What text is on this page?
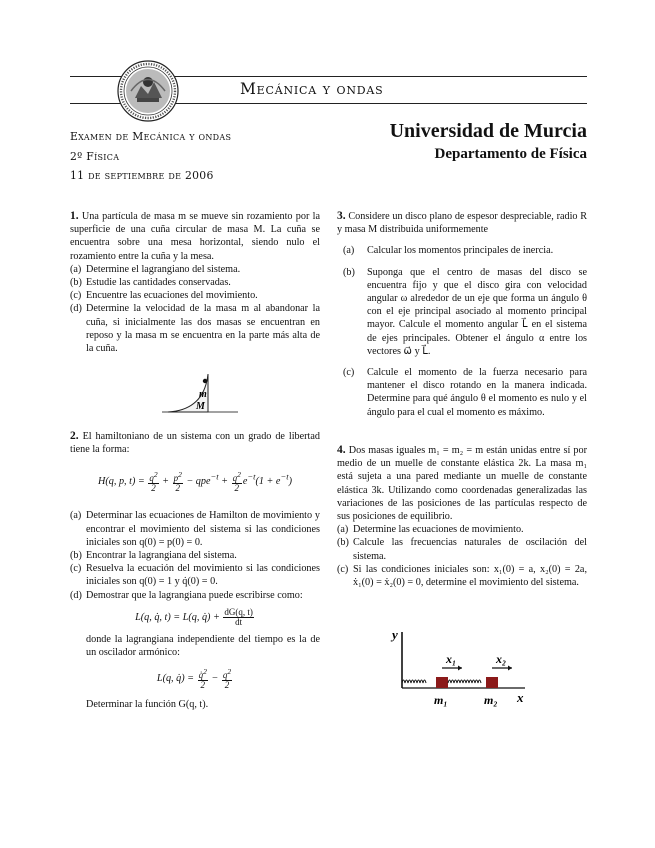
Mecánica y ondas
Examen de Mecánica y ondas
2º Física
11 de septiembre de 2006
Universidad de Murcia
Departamento de Física

1. Una partícula de masa m se mueve sin rozamiento por la superficie de una cuña circular de masa M. La cuña se encuentra sobre una mesa horizontal, siendo nulo el rozamiento entre la cuña y la mesa.

(a) Determine el lagrangiano del sistema.
(b) Estudie las cantidades conservadas.
(c) Encuentre las ecuaciones del movimiento.
(d) Determine la velocidad de la masa m al abandonar la cuña, si inicialmente las dos masas se encuentran en reposo y la masa m se encuentra en la parte más alta de la cuña.
m
M

2. El hamiltoniano de un sistema con un grado de libertad tiene la forma:

H(q, p, $t) = \frac{q^2}{2} + \frac{p^2}{2} - qpe^{-t} + \frac{q^2}{2} e^{-t}(1 + e^{-t})$
(a) Determinar las ecuaciones de Hamilton de movimiento y encontrar el movimiento del sistema si las condiciones iniciales son q(0) = p(0) = 0.
(b) Encontrar la lagrangiana del sistema.
(c) Resuelva la ecuación del movimiento si las condiciones iniciales son q(0) = 1 y q̇(0) = 0.
(d) Demostrar que la lagrangiana puede escribirse como:
L(q, q̇, t) = L(q, q̇) + $\frac{dG(q, t)}{dt}$

donde la lagrangiana independiente del tiempo es la de un oscilador armónico:

L(q, q̇) = $\frac{q̇^2}{2} - \frac{q^2}{2}$

Determinar la función G(q, t).

3. Considere un disco plano de espesor despreciable, radio R y masa M distribuida uniformemente

(a)	Calcular los momentos principales de inercia.
(b)	Suponga que el centro de masas del disco se encuentra fijo y que el disco gira con velocidad angular ω alrededor de un eje que forma un ángulo θ con el eje principal asociado al momento principal mayor. Calcule el momento angular L⃗ en el sistema de ejes principales. Obtener el ángulo α entre los vectores ω⃗ y L⃗.
(c)	Calcule el momento de la fuerza necesario para mantener el disco rotando en la manera indicada. Determine para qué ángulo θ el momento es nulo y el ángulo para el cual el momento es máximo.

4. Dos masas iguales m₁ = m₂ = m están unidas entre sí por medio de un muelle de constante elástica 2k. La masa m₁ está sujeta a una pared mediante un muelle de constante elástica 3k. Utilizando como coordenadas generalizadas las variaciones de las posiciones de las partículas respecto de sus posiciones de equilibrio.

(a) Determine las ecuaciones de movimiento.
(b) Calcule las frecuencias naturales de oscilación del sistema.
(c) Si las condiciones iniciales son: x₁(0) = a, x₂(0) = 2a, ẋ₁(0) = ẋ₂(0) = 0, determine el movimiento del sistema.
y
x
x₁	x₂
m₁	m₂
